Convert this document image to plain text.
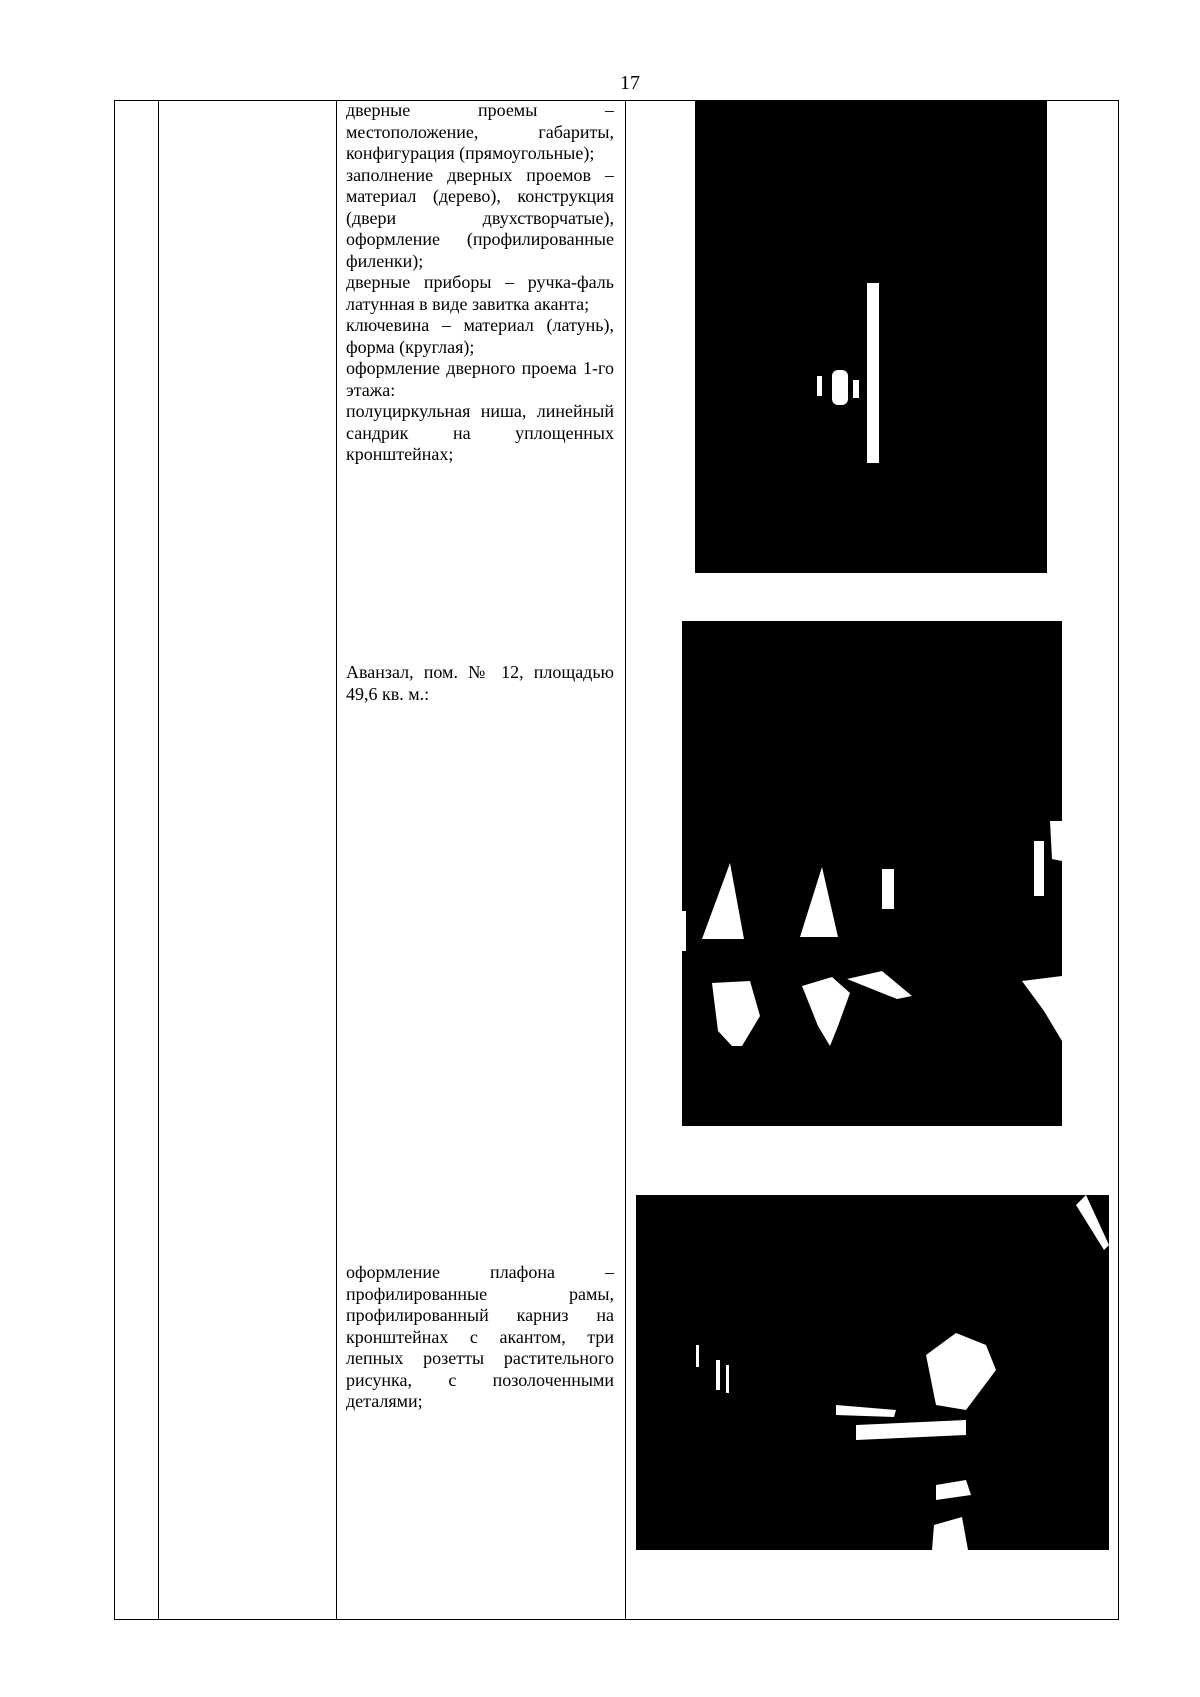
17
дверные проемы – местоположение, габариты, конфигурация (прямоугольные);
заполнение дверных проемов – материал (дерево), конструкция (двери двухстворчатые), оформление (профилированные филенки);
дверные приборы – ручка-фаль латунная в виде завитка аканта;
ключевина – материал (латунь), форма (круглая);
оформление дверного проема 1-го этажа:
полуциркульная ниша, линейный сандрик на уплощенных кронштейнах;
Аванзал, пом. № 12, площадью 49,6 кв. м.:
оформление плафона – профилированные рамы, профилированный карниз на кронштейнах с акантом, три лепных розетты растительного рисунка, с позолоченными деталями;
